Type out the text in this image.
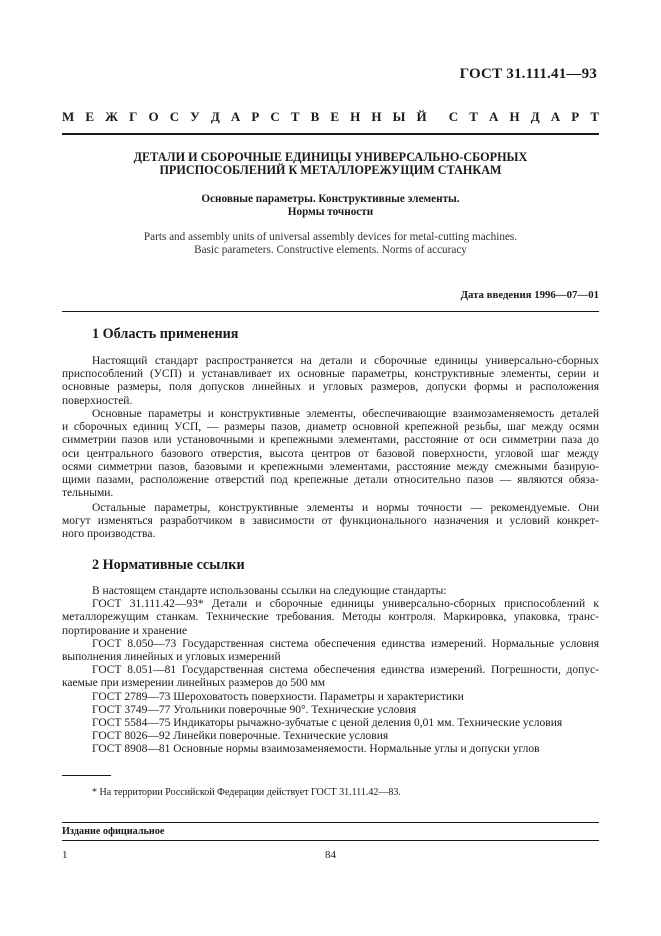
ГОСТ 31.111.41—93
М Е Ж Г О С У Д А Р С Т В Е Н Н Ы Й С Т А Н Д А Р Т
ДЕТАЛИ И СБОРОЧНЫЕ ЕДИНИЦЫ УНИВЕРСАЛЬНО-СБОРНЫХ
ПРИСПОСОБЛЕНИЙ К МЕТАЛЛОРЕЖУЩИМ СТАНКАМ
Основные параметры. Конструктивные элементы.
Нормы точности
Parts and assembly units of universal assembly devices for metal-cutting machines.
Basic parameters. Constructive elements. Norms of accuracy
Дата введения 1996—07—01
1 Область применения
Настоящий стандарт распространяется на детали и сборочные единицы универсально-сборных
приспособлений (УСП) и устанавливает их основные параметры, конструктивные элементы, серии и
основные размеры, поля допусков линейных и угловых размеров, допуски формы и расположения
поверхностей.
Основные параметры и конструктивные элементы, обеспечивающие взаимозаменяемость деталей
и сборочных единиц УСП, — размеры пазов, диаметр основной крепежной резьбы, шаг между осями
симметрии пазов или установочными и крепежными элементами, расстояние от оси симметрии паза до
оси центрального базового отверстия, высота центров от базовой поверхности, угловой шаг между
осями симметрии пазов, базовыми и крепежными элементами, расстояние между смежными базирую-
щими пазами, расположение отверстий под крепежные детали относительно пазов — являются обяза-
тельными.
Остальные параметры, конструктивные элементы и нормы точности — рекомендуемые. Они
могут изменяться разработчиком в зависимости от функционального назначения и условий конкрет-
ного производства.
2 Нормативные ссылки
В настоящем стандарте использованы ссылки на следующие стандарты:
ГОСТ 31.111.42—93* Детали и сборочные единицы универсально-сборных приспособлений к
металлорежущим станкам. Технические требования. Методы контроля. Маркировка, упаковка, транс-
портирование и хранение
ГОСТ 8.050—73 Государственная система обеспечения единства измерений. Нормальные условия
выполнения линейных и угловых измерений
ГОСТ 8.051—81 Государственная система обеспечения единства измерений. Погрешности, допус-
каемые при измерении линейных размеров до 500 мм
ГОСТ 2789—73 Шероховатость поверхности. Параметры и характеристики
ГОСТ 3749—77 Угольники поверочные 90°. Технические условия
ГОСТ 5584—75 Индикаторы рычажно-зубчатые с ценой деления 0,01 мм. Технические условия
ГОСТ 8026—92 Линейки поверочные. Технические условия
ГОСТ 8908—81 Основные нормы взаимозаменяемости. Нормальные углы и допуски углов
* На территории Российской Федерации действует ГОСТ 31.111.42—83.
Издание официальное
1	84
